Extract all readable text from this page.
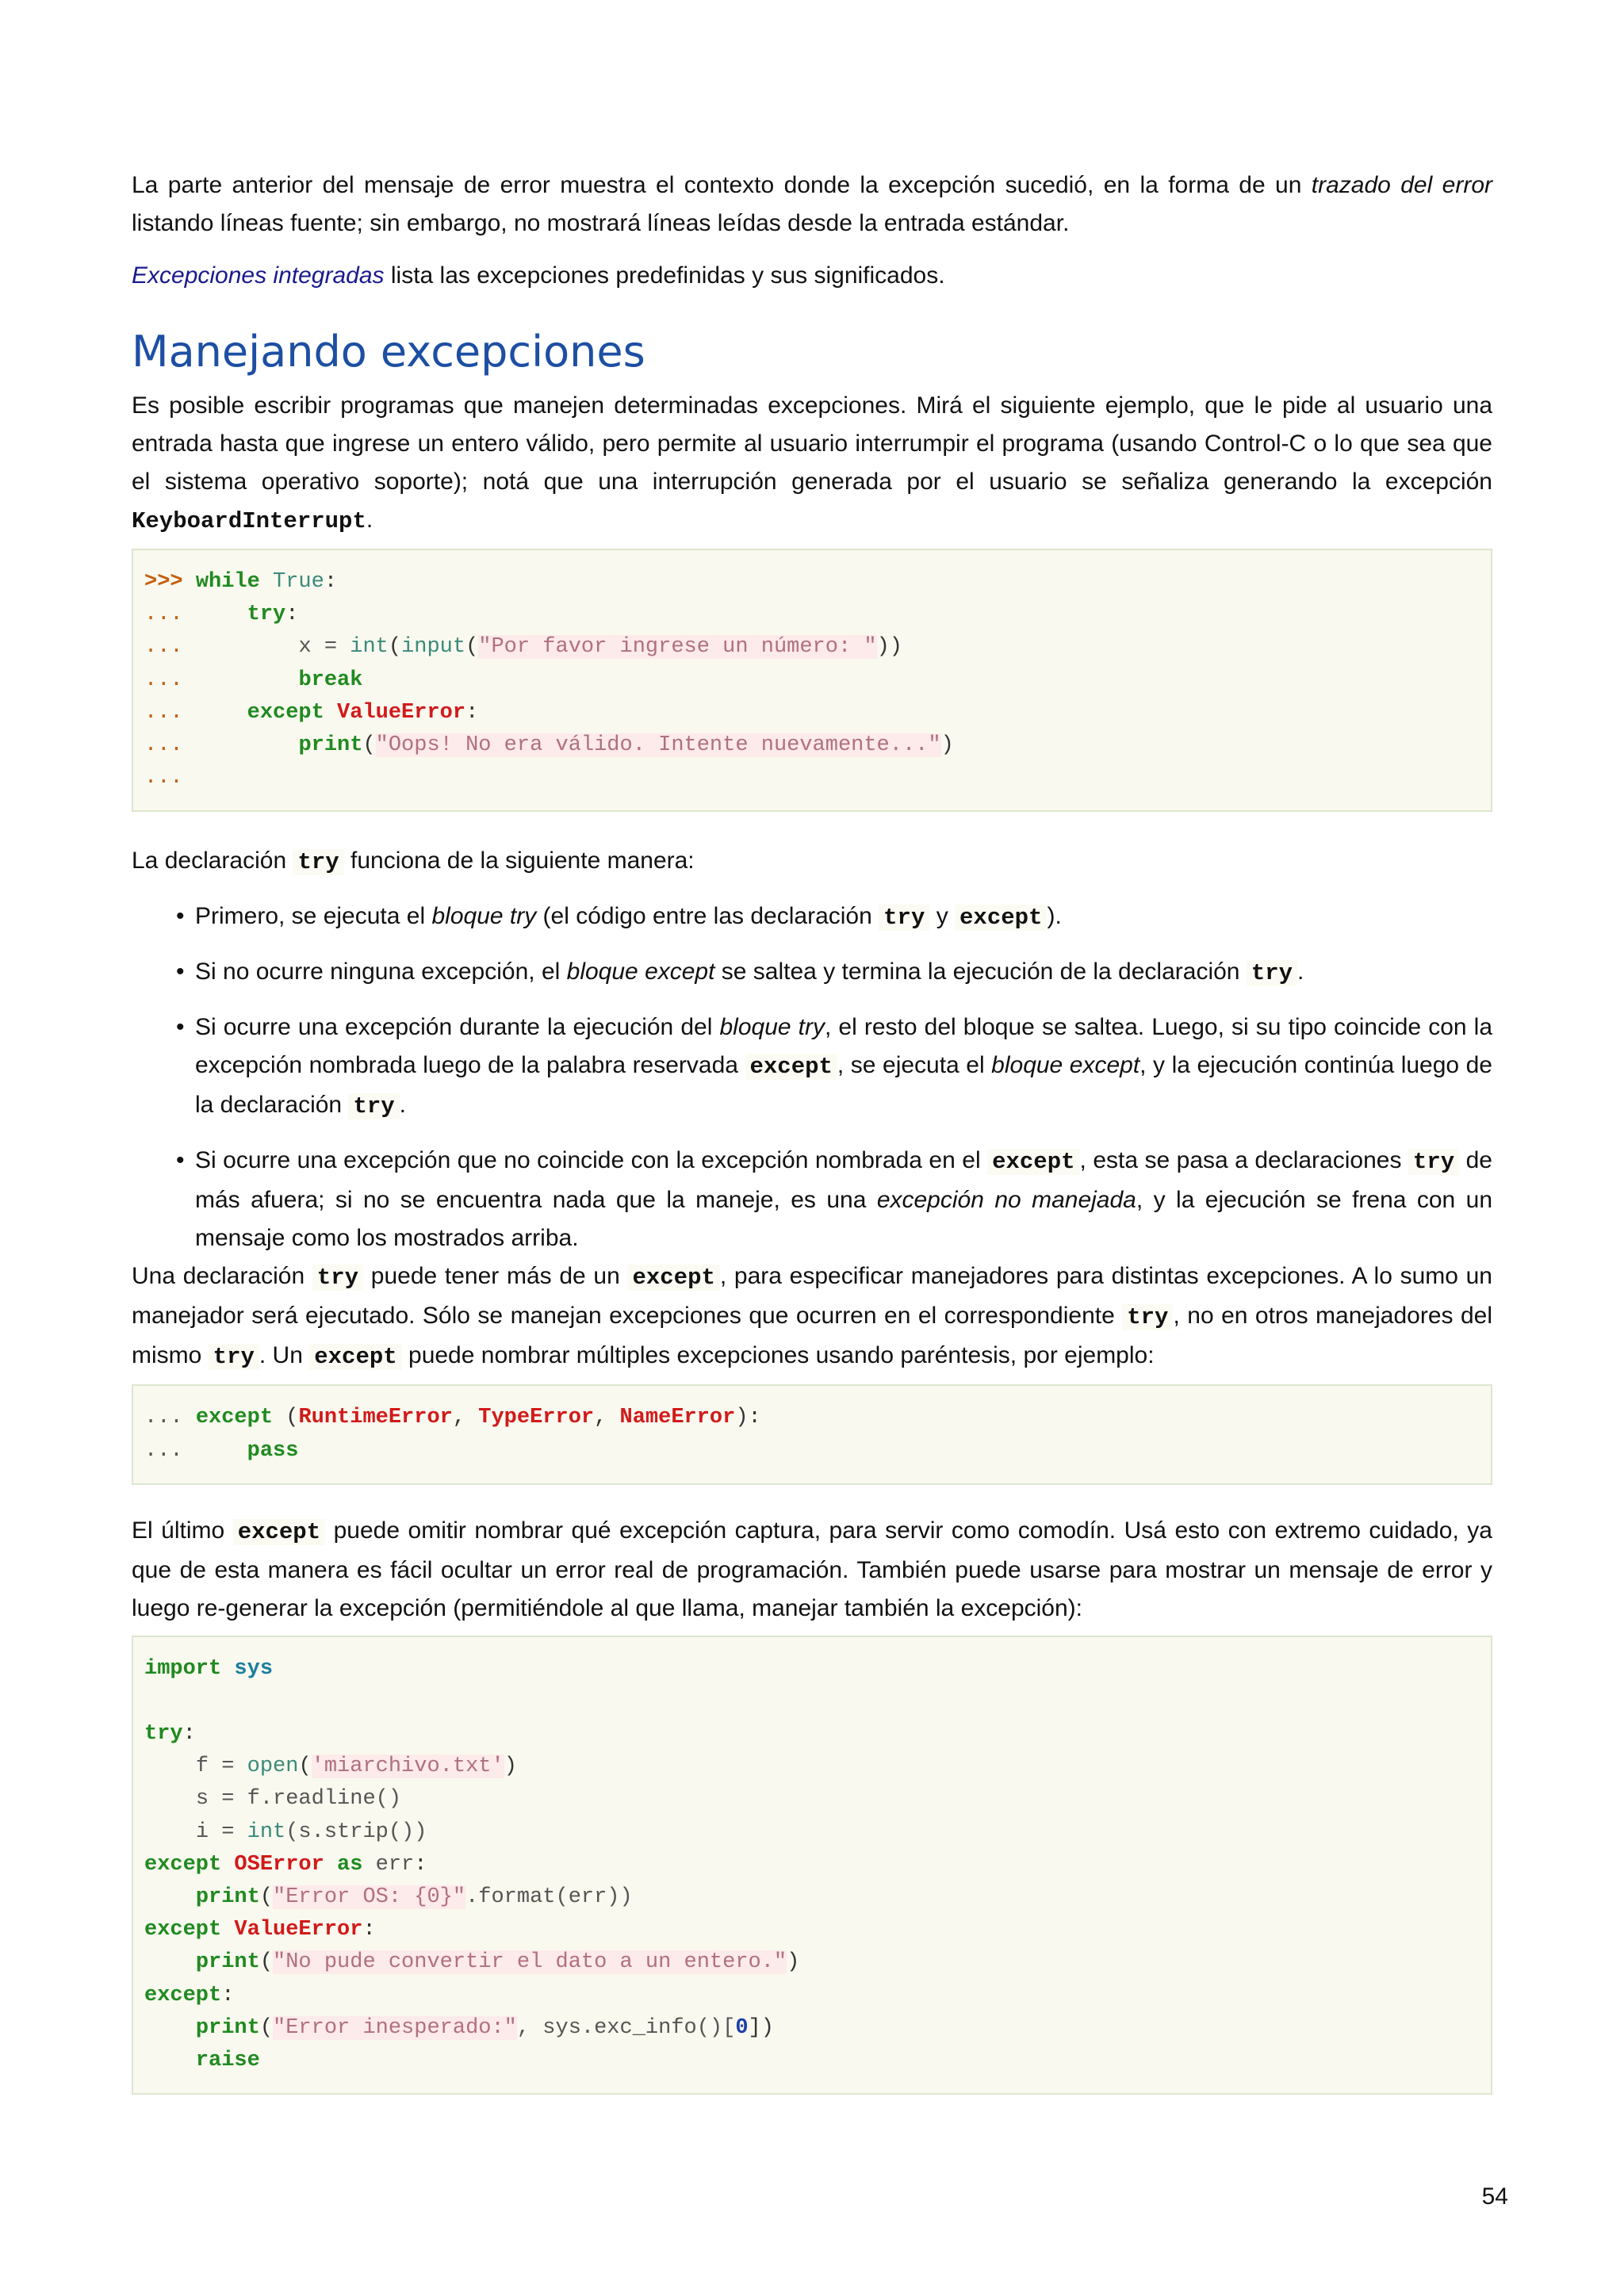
La parte anterior del mensaje de error muestra el contexto donde la excepción sucedió, en la forma de un trazado del error listando líneas fuente; sin embargo, no mostrará líneas leídas desde la entrada estándar.

Excepciones integradas lista las excepciones predefinidas y sus significados.

Manejando excepciones

Es posible escribir programas que manejen determinadas excepciones. Mirá el siguiente ejemplo, que le pide al usuario una entrada hasta que ingrese un entero válido, pero permite al usuario interrumpir el programa (usando Control-C o lo que sea que el sistema operativo soporte); notá que una interrupción generada por el usuario se señaliza generando la excepción KeyboardInterrupt.

>>> while True:
...	try:
...	x = int(input("Por favor ingrese un número: "))
...	break
...	except ValueError:
...	print("Oops! No era válido. Intente nuevamente...")
...

La declaración try funciona de la siguiente manera:

• Primero, se ejecuta el bloque try (el código entre las declaración try y except ).
• Si no ocurre ninguna excepción, el bloque except se saltea y termina la ejecución de la declaración try .
• Si ocurre una excepción durante la ejecución del bloque try, el resto del bloque se saltea. Luego, si su tipo coincide con la excepción nombrada luego de la palabra reservada except , se ejecuta el bloque except, y la ejecución continúa luego de la declaración try .
• Si ocurre una excepción que no coincide con la excepción nombrada en el except , esta se pasa a declaraciones try de más afuera; si no se encuentra nada que la maneje, es una excepción no manejada, y la ejecución se frena con un mensaje como los mostrados arriba.

Una declaración try puede tener más de un except , para especificar manejadores para distintas excepciones. A lo sumo un manejador será ejecutado. Sólo se manejan excepciones que ocurren en el correspondiente try , no en otros manejadores del mismo try . Un except puede nombrar múltiples excepciones usando paréntesis, por ejemplo:

... except (RuntimeError, TypeError, NameError):
...	pass

El último except puede omitir nombrar qué excepción captura, para servir como comodín. Usá esto con extremo cuidado, ya que de esta manera es fácil ocultar un error real de programación. También puede usarse para mostrar un mensaje de error y luego re-generar la excepción (permitiéndole al que llama, manejar también la excepción):

import sys
try:
f = open('miarchivo.txt')
s = f.readline()
i = int(s.strip())
except OSError as err:
print("Error OS: {0}".format(err))
except ValueError:
print("No pude convertir el dato a un entero.")
except:
print("Error inesperado:", sys.exc_info()[0])
raise
54
